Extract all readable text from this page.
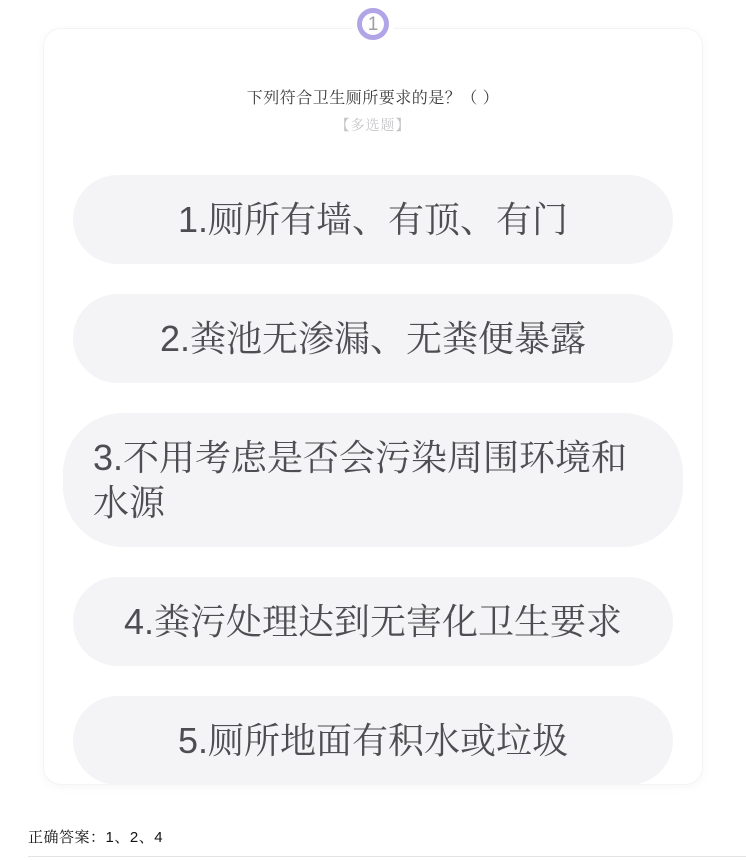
1
下列符合卫生厕所要求的是？（ ）
【多选题】
1.厕所有墙、有顶、有门
2.粪池无渗漏、无粪便暴露
3.不用考虑是否会污染周围环境和水源
4.粪污处理达到无害化卫生要求
5.厕所地面有积水或垃圾
正确答案：1、2、4
